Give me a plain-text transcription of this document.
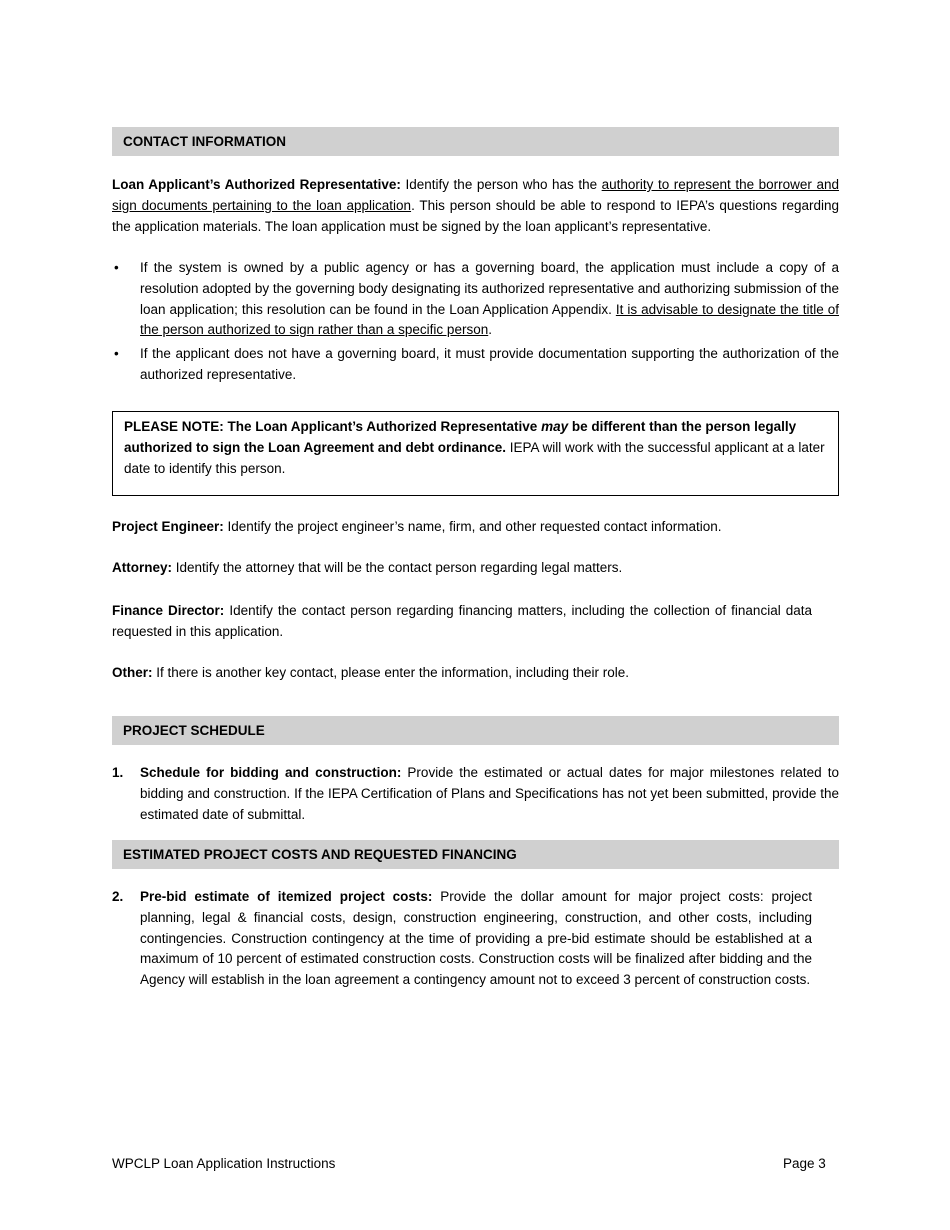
CONTACT INFORMATION
Loan Applicant’s Authorized Representative: Identify the person who has the authority to represent the borrower and sign documents pertaining to the loan application. This person should be able to respond to IEPA’s questions regarding the application materials. The loan application must be signed by the loan applicant’s representative.
• If the system is owned by a public agency or has a governing board, the application must include a copy of a resolution adopted by the governing body designating its authorized representative and authorizing submission of the loan application; this resolution can be found in the Loan Application Appendix. It is advisable to designate the title of the person authorized to sign rather than a specific person.
• If the applicant does not have a governing board, it must provide documentation supporting the authorization of the authorized representative.
PLEASE NOTE: The Loan Applicant’s Authorized Representative may be different than the person legally authorized to sign the Loan Agreement and debt ordinance. IEPA will work with the successful applicant at a later date to identify this person.
Project Engineer: Identify the project engineer’s name, firm, and other requested contact information.
Attorney: Identify the attorney that will be the contact person regarding legal matters.
Finance Director: Identify the contact person regarding financing matters, including the collection of financial data requested in this application.
Other: If there is another key contact, please enter the information, including their role.
PROJECT SCHEDULE
1. Schedule for bidding and construction: Provide the estimated or actual dates for major milestones related to bidding and construction. If the IEPA Certification of Plans and Specifications has not yet been submitted, provide the estimated date of submittal.
ESTIMATED PROJECT COSTS AND REQUESTED FINANCING
2. Pre-bid estimate of itemized project costs: Provide the dollar amount for major project costs: project planning, legal & financial costs, design, construction engineering, construction, and other costs, including contingencies. Construction contingency at the time of providing a pre-bid estimate should be established at a maximum of 10 percent of estimated construction costs. Construction costs will be finalized after bidding and the Agency will establish in the loan agreement a contingency amount not to exceed 3 percent of construction costs.
WPCLP Loan Application Instructions	Page 3
